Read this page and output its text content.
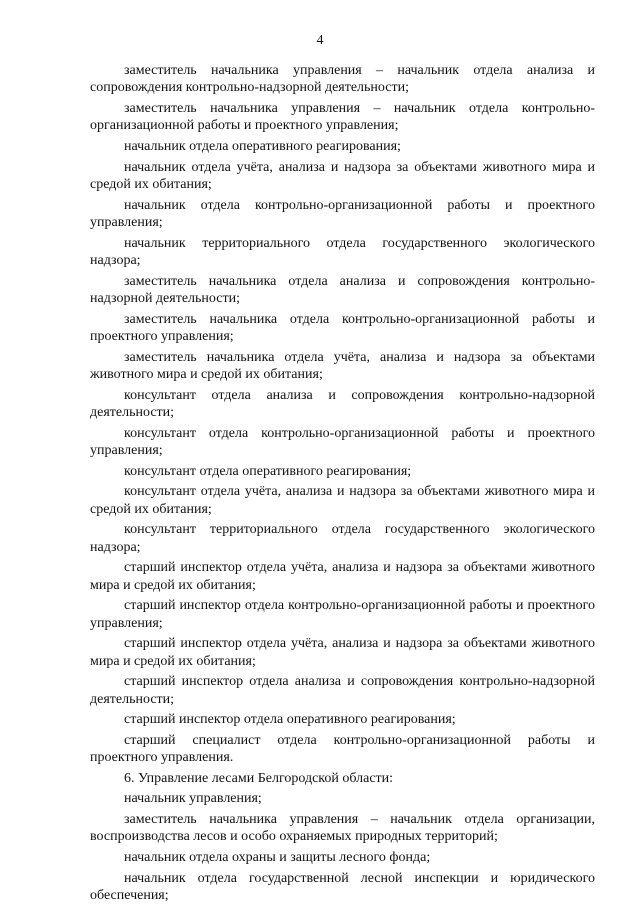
4

заместитель начальника управления – начальник отдела анализа и сопровождения контрольно-надзорной деятельности;

заместитель начальника управления – начальник отдела контрольно-организационной работы и проектного управления;

начальник отдела оперативного реагирования;

начальник отдела учёта, анализа и надзора за объектами животного мира и средой их обитания;

начальник отдела контрольно-организационной работы и проектного управления;

начальник территориального отдела государственного экологического надзора;

заместитель начальника отдела анализа и сопровождения контрольно-надзорной деятельности;

заместитель начальника отдела контрольно-организационной работы и проектного управления;

заместитель начальника отдела учёта, анализа и надзора за объектами животного мира и средой их обитания;

консультант отдела анализа и сопровождения контрольно-надзорной деятельности;

консультант отдела контрольно-организационной работы и проектного управления;

консультант отдела оперативного реагирования;

консультант отдела учёта, анализа и надзора за объектами животного мира и средой их обитания;

консультант территориального отдела государственного экологического надзора;

старший инспектор отдела учёта, анализа и надзора за объектами животного мира и средой их обитания;

старший инспектор отдела контрольно-организационной работы и проектного управления;

старший инспектор отдела учёта, анализа и надзора за объектами животного мира и средой их обитания;

старший инспектор отдела анализа и сопровождения контрольно-надзорной деятельности;

старший инспектор отдела оперативного реагирования;

старший специалист отдела контрольно-организационной работы и проектного управления.

6. Управление лесами Белгородской области:

начальник управления;

заместитель начальника управления – начальник отдела организации, воспроизводства лесов и особо охраняемых природных территорий;

начальник отдела охраны и защиты лесного фонда;

начальник отдела государственной лесной инспекции и юридического обеспечения;
